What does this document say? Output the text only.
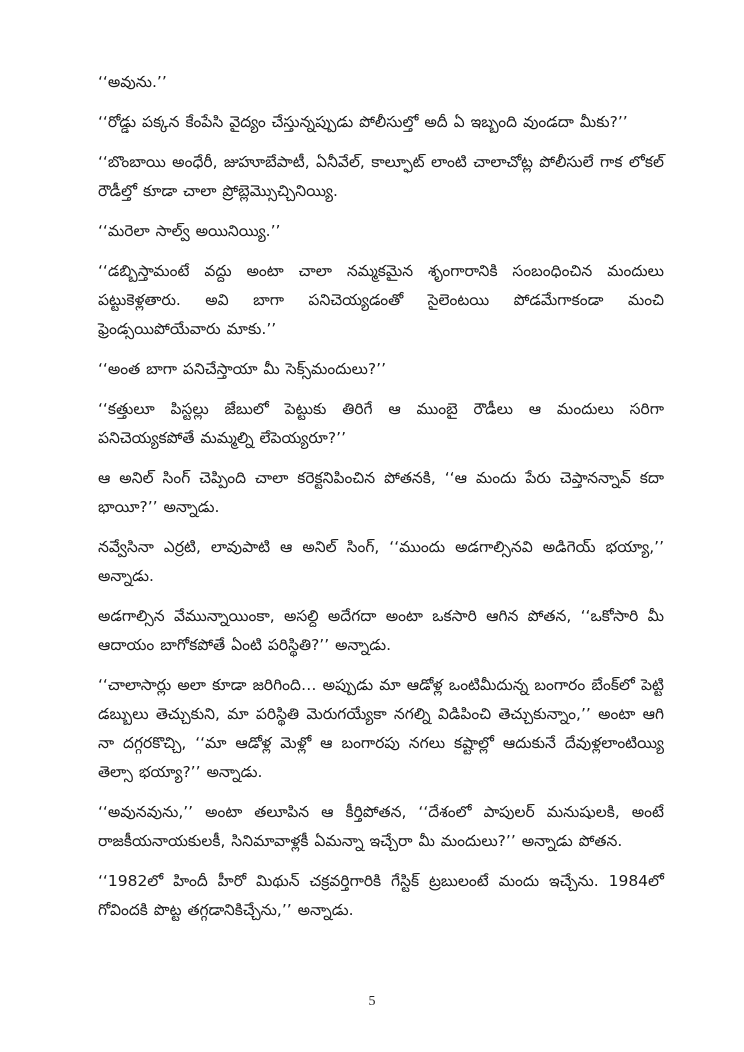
‘‘అవును.’’

‘‘రోడ్డు పక్కన కేంపేసి వైద్యం చేస్తున్నప్పుడు పోలీసుల్తో అదీ ఏ ఇబ్బంది వుండదా మీకు?’’

‘‘బొంబాయి అంధేరీ, జుహూబేపాటీ, ఏనీవేల్, కాల్ఫూట్ లాంటి చాలాచోట్ల పోలీసులే గాక లోకల్ రౌడీల్తో కూడా చాలా ప్రోబ్లెమ్సొచ్చినియ్యి.

‘‘మరెలా సాల్వ్ అయినియ్యి.’’

‘‘డబ్బిస్తామంటే వద్దు అంటా చాలా నమ్మకమైన శృంగారానికి సంబంధించిన మందులు పట్టుకెళ్లతారు. అవి బాగా పనిచెయ్యడంతో సైలెంటయి పోడమేగాకండా మంచి ఫ్రెండ్సయిపోయేవారు మాకు.’’

‘‘అంత బాగా పనిచేస్తాయా మీ సెక్స్‌మందులు?’’

‘‘కత్తులూ పిస్టల్లు జేబులో పెట్టుకు తిరిగే ఆ ముంబై రౌడీలు ఆ మందులు సరిగా పనిచెయ్యకపోతే మమ్మల్ని లేపెయ్యరూ?’’

ఆ అనిల్ సింగ్ చెప్పింది చాలా కరెక్టనిపించిన పోతనకి, ‘‘ఆ మందు పేరు చెప్తానన్నావ్ కదా భాయీ?’’ అన్నాడు.

నవ్వేసినా ఎర్రటి, లావుపాటి ఆ అనిల్ సింగ్, ‘‘ముందు అడగాల్సినవి అడిగెయ్ భయ్యా,’’ అన్నాడు.

అడగాల్సిన వేమున్నాయింకా, అసల్ది అదేగదా అంటా ఒకసారి ఆగిన పోతన, ‘‘ఒకోసారి మీ ఆదాయం బాగోకపోతే ఏంటి పరిస్థితి?’’ అన్నాడు.

‘‘చాలాసార్లు అలా కూడా జరిగింది… అప్పుడు మా ఆడోళ్ల ఒంటిమీదున్న బంగారం బేంక్‌లో పెట్టి డబ్బులు తెచ్చుకుని, మా పరిస్థితి మెరుగయ్యేకా నగల్ని విడిపించి తెచ్చుకున్నాం,’’ అంటా ఆగి నా దగ్గరకొచ్చి, ‘‘మా ఆడోళ్ల మెళ్లో ఆ బంగారపు నగలు కష్టాల్లో ఆదుకునే దేవుళ్లలాంటియ్యి తెల్సా భయ్యా?’’ అన్నాడు.

‘‘అవునవును,’’ అంటా తలూపిన ఆ కీర్తిపోతన, ‘‘దేశంలో పాపులర్ మనుషులకి, అంటే రాజకీయనాయకులకీ, సినిమావాళ్లకీ ఏమన్నా ఇచ్చేరా మీ మందులు?’’ అన్నాడు పోతన.

‘‘1982లో హిందీ హీరో మిథున్ చక్రవర్తిగారికి గేస్టిక్ ట్రబులంటే మందు ఇచ్చేను. 1984లో గోవిందకి పొట్ట తగ్గడానికిచ్చేను,’’ అన్నాడు.

5
